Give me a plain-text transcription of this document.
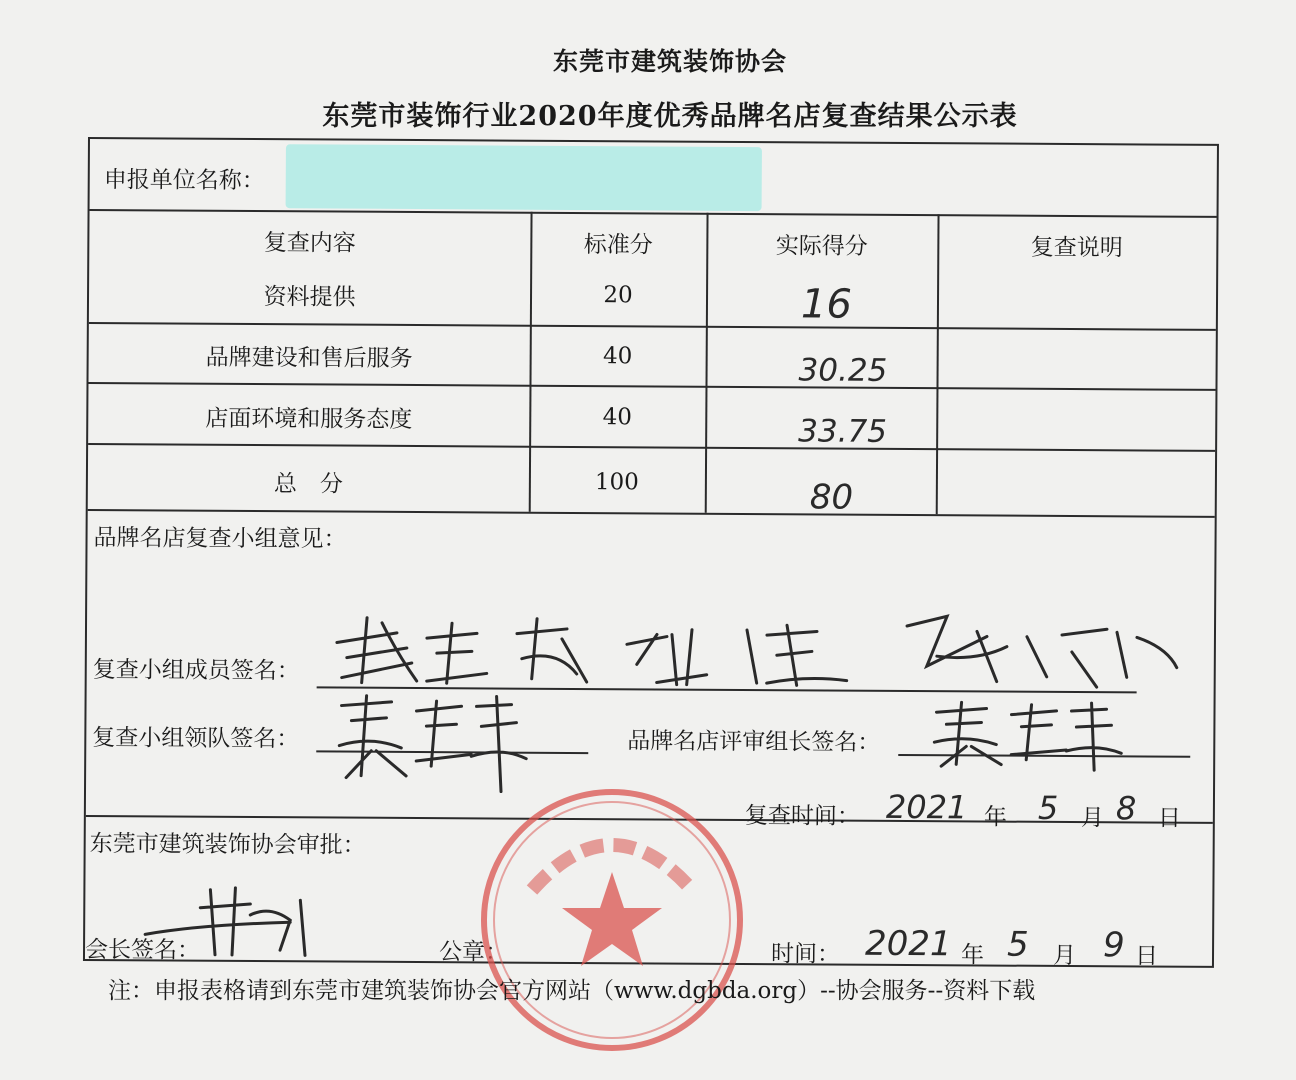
东莞市建筑装饰协会
东莞市装饰行业2020年度优秀品牌名店复查结果公示表
申报单位名称：
复查内容	标准分	实际得分	复查说明
资料提供	20	16
品牌建设和售后服务	40	30.25
店面环境和服务态度	40	33.75
总　分	100	80
品牌名店复查小组意见：
复查小组成员签名：
复查小组领队签名：	品牌名店评审组长签名：
复查时间： 2021 年 5 月 8 日
东莞市建筑装饰协会审批：
会长签名：	公章：	时间： 2021 年 5 月 9 日
注：申报表格请到东莞市建筑装饰协会官方网站（www.dgbda.org）--协会服务--资料下载
